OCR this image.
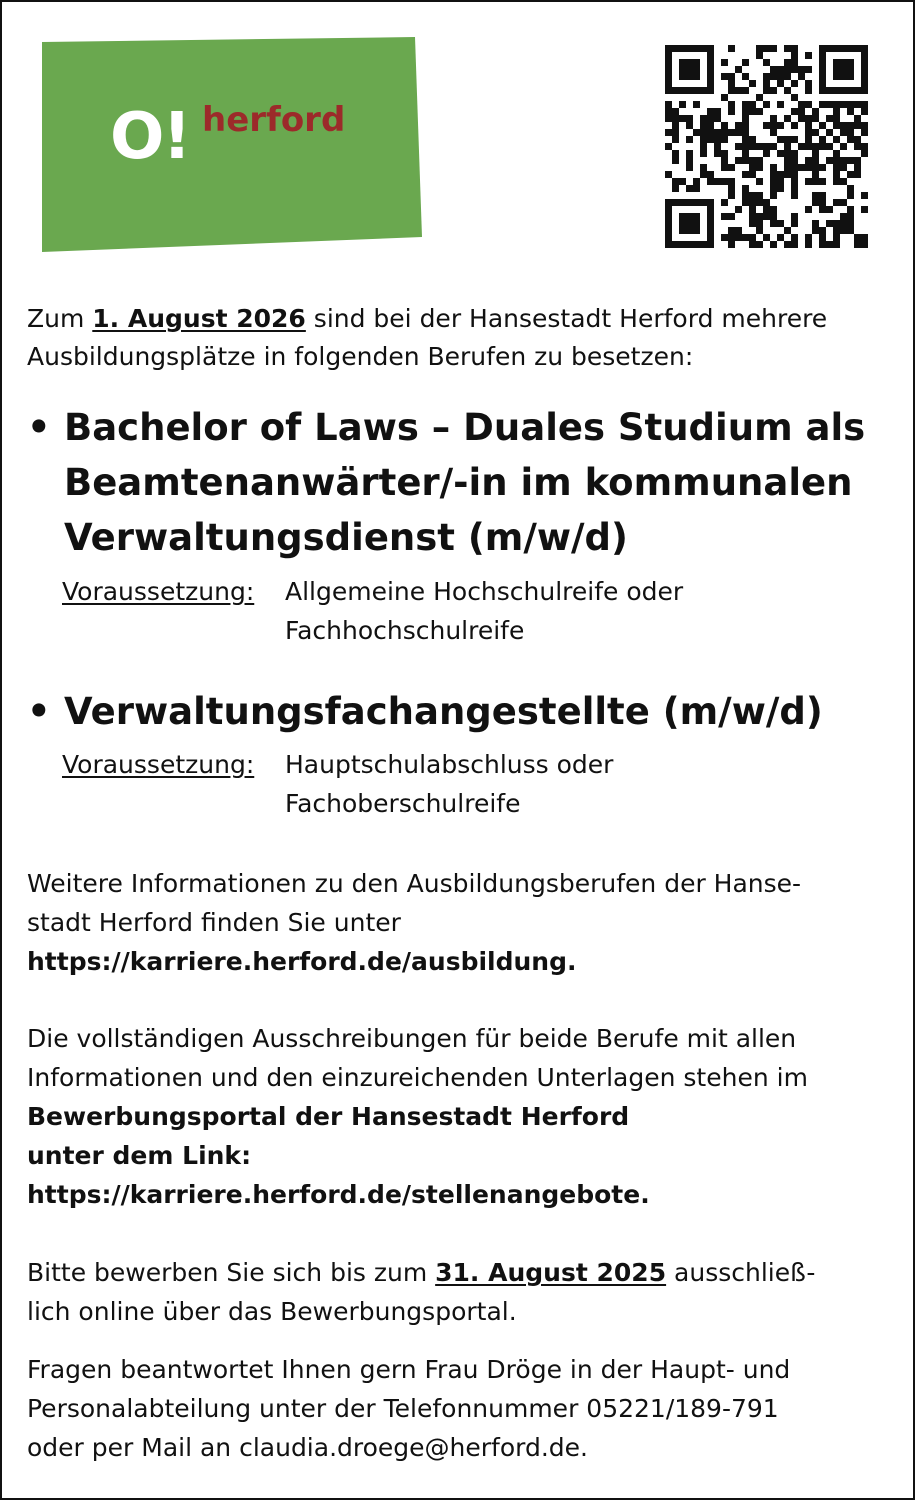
O! herford
Zum 1. August 2026 sind bei der Hansestadt Herford mehrere
Ausbildungsplätze in folgenden Berufen zu besetzen:
• Bachelor of Laws – Duales Studium als
Beamtenanwärter/-in im kommunalen
Verwaltungsdienst (m/w/d)
Voraussetzung: Allgemeine Hochschulreife oder
Fachhochschulreife
• Verwaltungsfachangestellte (m/w/d)
Voraussetzung: Hauptschulabschluss oder
Fachoberschulreife
Weitere Informationen zu den Ausbildungsberufen der Hanse-
stadt Herford finden Sie unter
https://karriere.herford.de/ausbildung.
Die vollständigen Ausschreibungen für beide Berufe mit allen
Informationen und den einzureichenden Unterlagen stehen im
Bewerbungsportal der Hansestadt Herford
unter dem Link:
https://karriere.herford.de/stellenangebote.
Bitte bewerben Sie sich bis zum 31. August 2025 ausschließ-
lich online über das Bewerbungsportal.
Fragen beantwortet Ihnen gern Frau Dröge in der Haupt- und
Personalabteilung unter der Telefonnummer 05221/189-791
oder per Mail an claudia.droege@herford.de.
